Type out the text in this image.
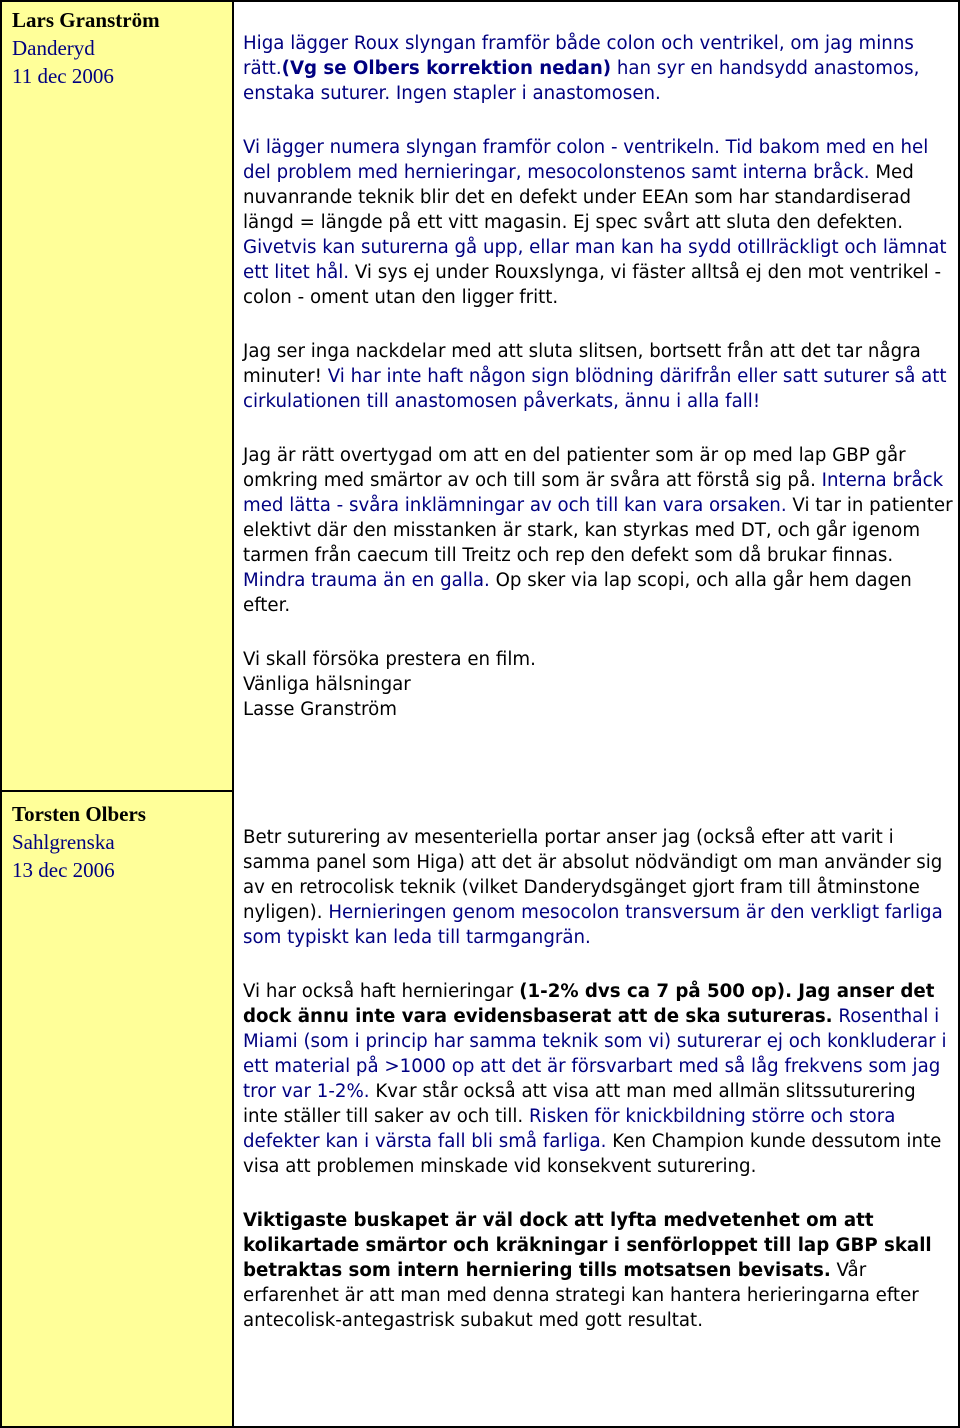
Lars Granström
Danderyd
11 dec 2006

Higa lägger Roux slyngan framför både colon och ventrikel, om jag minns rätt.(Vg se Olbers korrektion nedan) han syr en handsydd anastomos, enstaka suturer. Ingen stapler i anastomosen.

Vi lägger numera slyngan framför colon - ventrikeln. Tid bakom med en hel del problem med hernieringar, mesocolonstenos samt interna bråck. Med nuvanrande teknik blir det en defekt under EEAn som har standardiserad längd = längde på ett vitt magasin. Ej spec svårt att sluta den defekten. Givetvis kan suturerna gå upp, ellar man kan ha sydd otillräckligt och lämnat ett litet hål. Vi sys ej under Rouxslynga, vi fäster alltså ej den mot ventrikel - colon - oment utan den ligger fritt.

Jag ser inga nackdelar med att sluta slitsen, bortsett från att det tar några minuter! Vi har inte haft någon sign blödning därifrån eller satt suturer så att cirkulationen till anastomosen påverkats, ännu i alla fall!

Jag är rätt overtygad om att en del patienter som är op med lap GBP går omkring med smärtor av och till som är svåra att förstå sig på. Interna bråck med lätta - svåra inklämningar av och till kan vara orsaken. Vi tar in patienter elektivt där den misstanken är stark, kan styrkas med DT, och går igenom tarmen från caecum till Treitz och rep den defekt som då brukar finnas. Mindra trauma än en galla. Op sker via lap scopi, och alla går hem dagen efter.

Vi skall försöka prestera en film.
Vänliga hälsningar
Lasse Granström

Torsten Olbers
Sahlgrenska
13 dec 2006

Betr suturering av mesenteriella portar anser jag (också efter att varit i samma panel som Higa) att det är absolut nödvändigt om man använder sig av en retrocolisk teknik (vilket Danderydsgänget gjort fram till åtminstone nyligen). Hernieringen genom mesocolon transversum är den verkligt farliga som typiskt kan leda till tarmgangrän.

Vi har också haft hernieringar (1-2% dvs ca 7 på 500 op). Jag anser det dock ännu inte vara evidensbaserat att de ska sutureras. Rosenthal i Miami (som i princip har samma teknik som vi) suturerar ej och konkluderar i ett material på >1000 op att det är försvarbart med så låg frekvens som jag tror var 1-2%. Kvar står också att visa att man med allmän slitssuturering inte ställer till saker av och till. Risken för knickbildning större och stora defekter kan i värsta fall bli små farliga. Ken Champion kunde dessutom inte visa att problemen minskade vid konsekvent suturering.

Viktigaste buskapet är väl dock att lyfta medvetenhet om att kolikartade smärtor och kräkningar i senförloppet till lap GBP skall betraktas som intern herniering tills motsatsen bevisats. Vår erfarenhet är att man med denna strategi kan hantera herieringarna efter antecolisk-antegastrisk subakut med gott resultat.
